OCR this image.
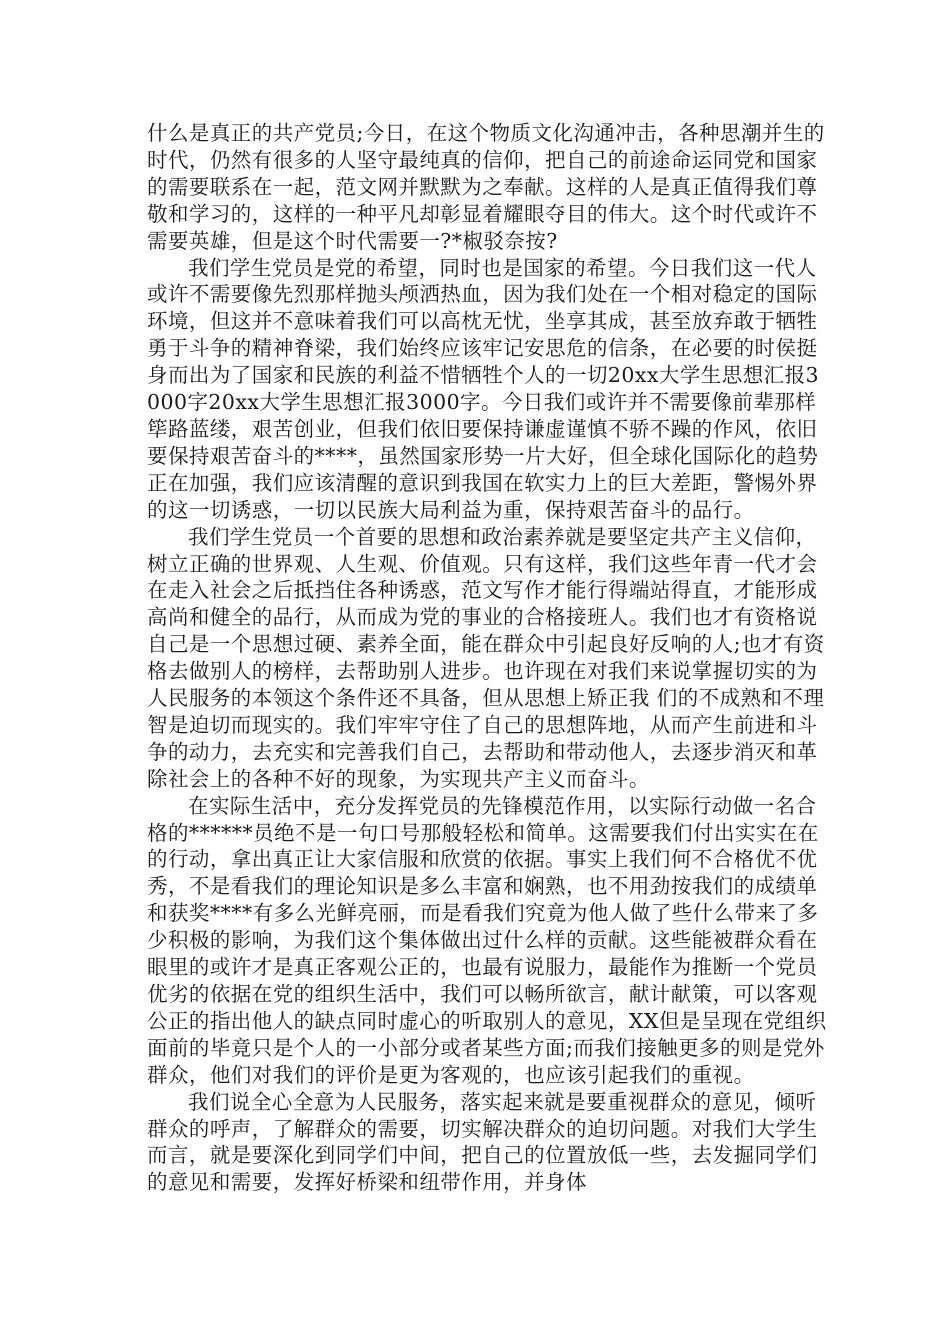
什么是真正的共产党员;今日，在这个物质文化沟通冲击，各种思潮并生的时代，仍然有很多的人坚守最纯真的信仰，把自己的前途命运同党和国家的需要联系在一起，范文网并默默为之奉献。这样的人是真正值得我们尊敬和学习的，这样的一种平凡却彰显着耀眼夺目的伟大。这个时代或许不需要英雄，但是这个时代需要一?*椒驳奈按?

我们学生党员是党的希望，同时也是国家的希望。今日我们这一代人或许不需要像先烈那样抛头颅洒热血，因为我们处在一个相对稳定的国际环境，但这并不意味着我们可以高枕无忧，坐享其成，甚至放弃敢于牺牲勇于斗争的精神脊梁，我们始终应该牢记安思危的信条，在必要的时侯挺身而出为了国家和民族的利益不惜牺牲个人的一切20xx大学生思想汇报3000字20xx大学生思想汇报3000字。今日我们或许并不需要像前辈那样筚路蓝缕，艰苦创业，但我们依旧要保持谦虚谨慎不骄不躁的作风，依旧要保持艰苦奋斗的****，虽然国家形势一片大好，但全球化国际化的趋势正在加强，我们应该清醒的意识到我国在软实力上的巨大差距，警惕外界的这一切诱惑，一切以民族大局利益为重，保持艰苦奋斗的品行。

我们学生党员一个首要的思想和政治素养就是要坚定共产主义信仰，树立正确的世界观、人生观、价值观。只有这样，我们这些年青一代才会在走入社会之后抵挡住各种诱惑，范文写作才能行得端站得直，才能形成高尚和健全的品行，从而成为党的事业的合格接班人。我们也才有资格说自己是一个思想过硬、素养全面，能在群众中引起良好反响的人;也才有资格去做别人的榜样，去帮助别人进步。也许现在对我们来说掌握切实的为人民服务的本领这个条件还不具备，但从思想上矫正我 们的不成熟和不理智是迫切而现实的。我们牢牢守住了自己的思想阵地，从而产生前进和斗争的动力，去充实和完善我们自己，去帮助和带动他人，去逐步消灭和革除社会上的各种不好的现象，为实现共产主义而奋斗。

在实际生活中，充分发挥党员的先锋模范作用，以实际行动做一名合格的******员绝不是一句口号那般轻松和简单。这需要我们付出实实在在的行动，拿出真正让大家信服和欣赏的依据。事实上我们何不合格优不优秀，不是看我们的理论知识是多么丰富和娴熟，也不用劲按我们的成绩单和获奖****有多么光鲜亮丽，而是看我们究竟为他人做了些什么带来了多少积极的影响，为我们这个集体做出过什么样的贡献。这些能被群众看在眼里的或许才是真正客观公正的，也最有说服力，最能作为推断一个党员优劣的依据在党的组织生活中，我们可以畅所欲言，献计献策，可以客观公正的指出他人的缺点同时虚心的听取别人的意见，XX但是呈现在党组织面前的毕竟只是个人的一小部分或者某些方面;而我们接触更多的则是党外群众，他们对我们的评价是更为客观的，也应该引起我们的重视。

我们说全心全意为人民服务，落实起来就是要重视群众的意见，倾听群众的呼声，了解群众的需要，切实解决群众的迫切问题。对我们大学生而言，就是要深化到同学们中间，把自己的位置放低一些，去发掘同学们的意见和需要，发挥好桥梁和纽带作用，并身体
